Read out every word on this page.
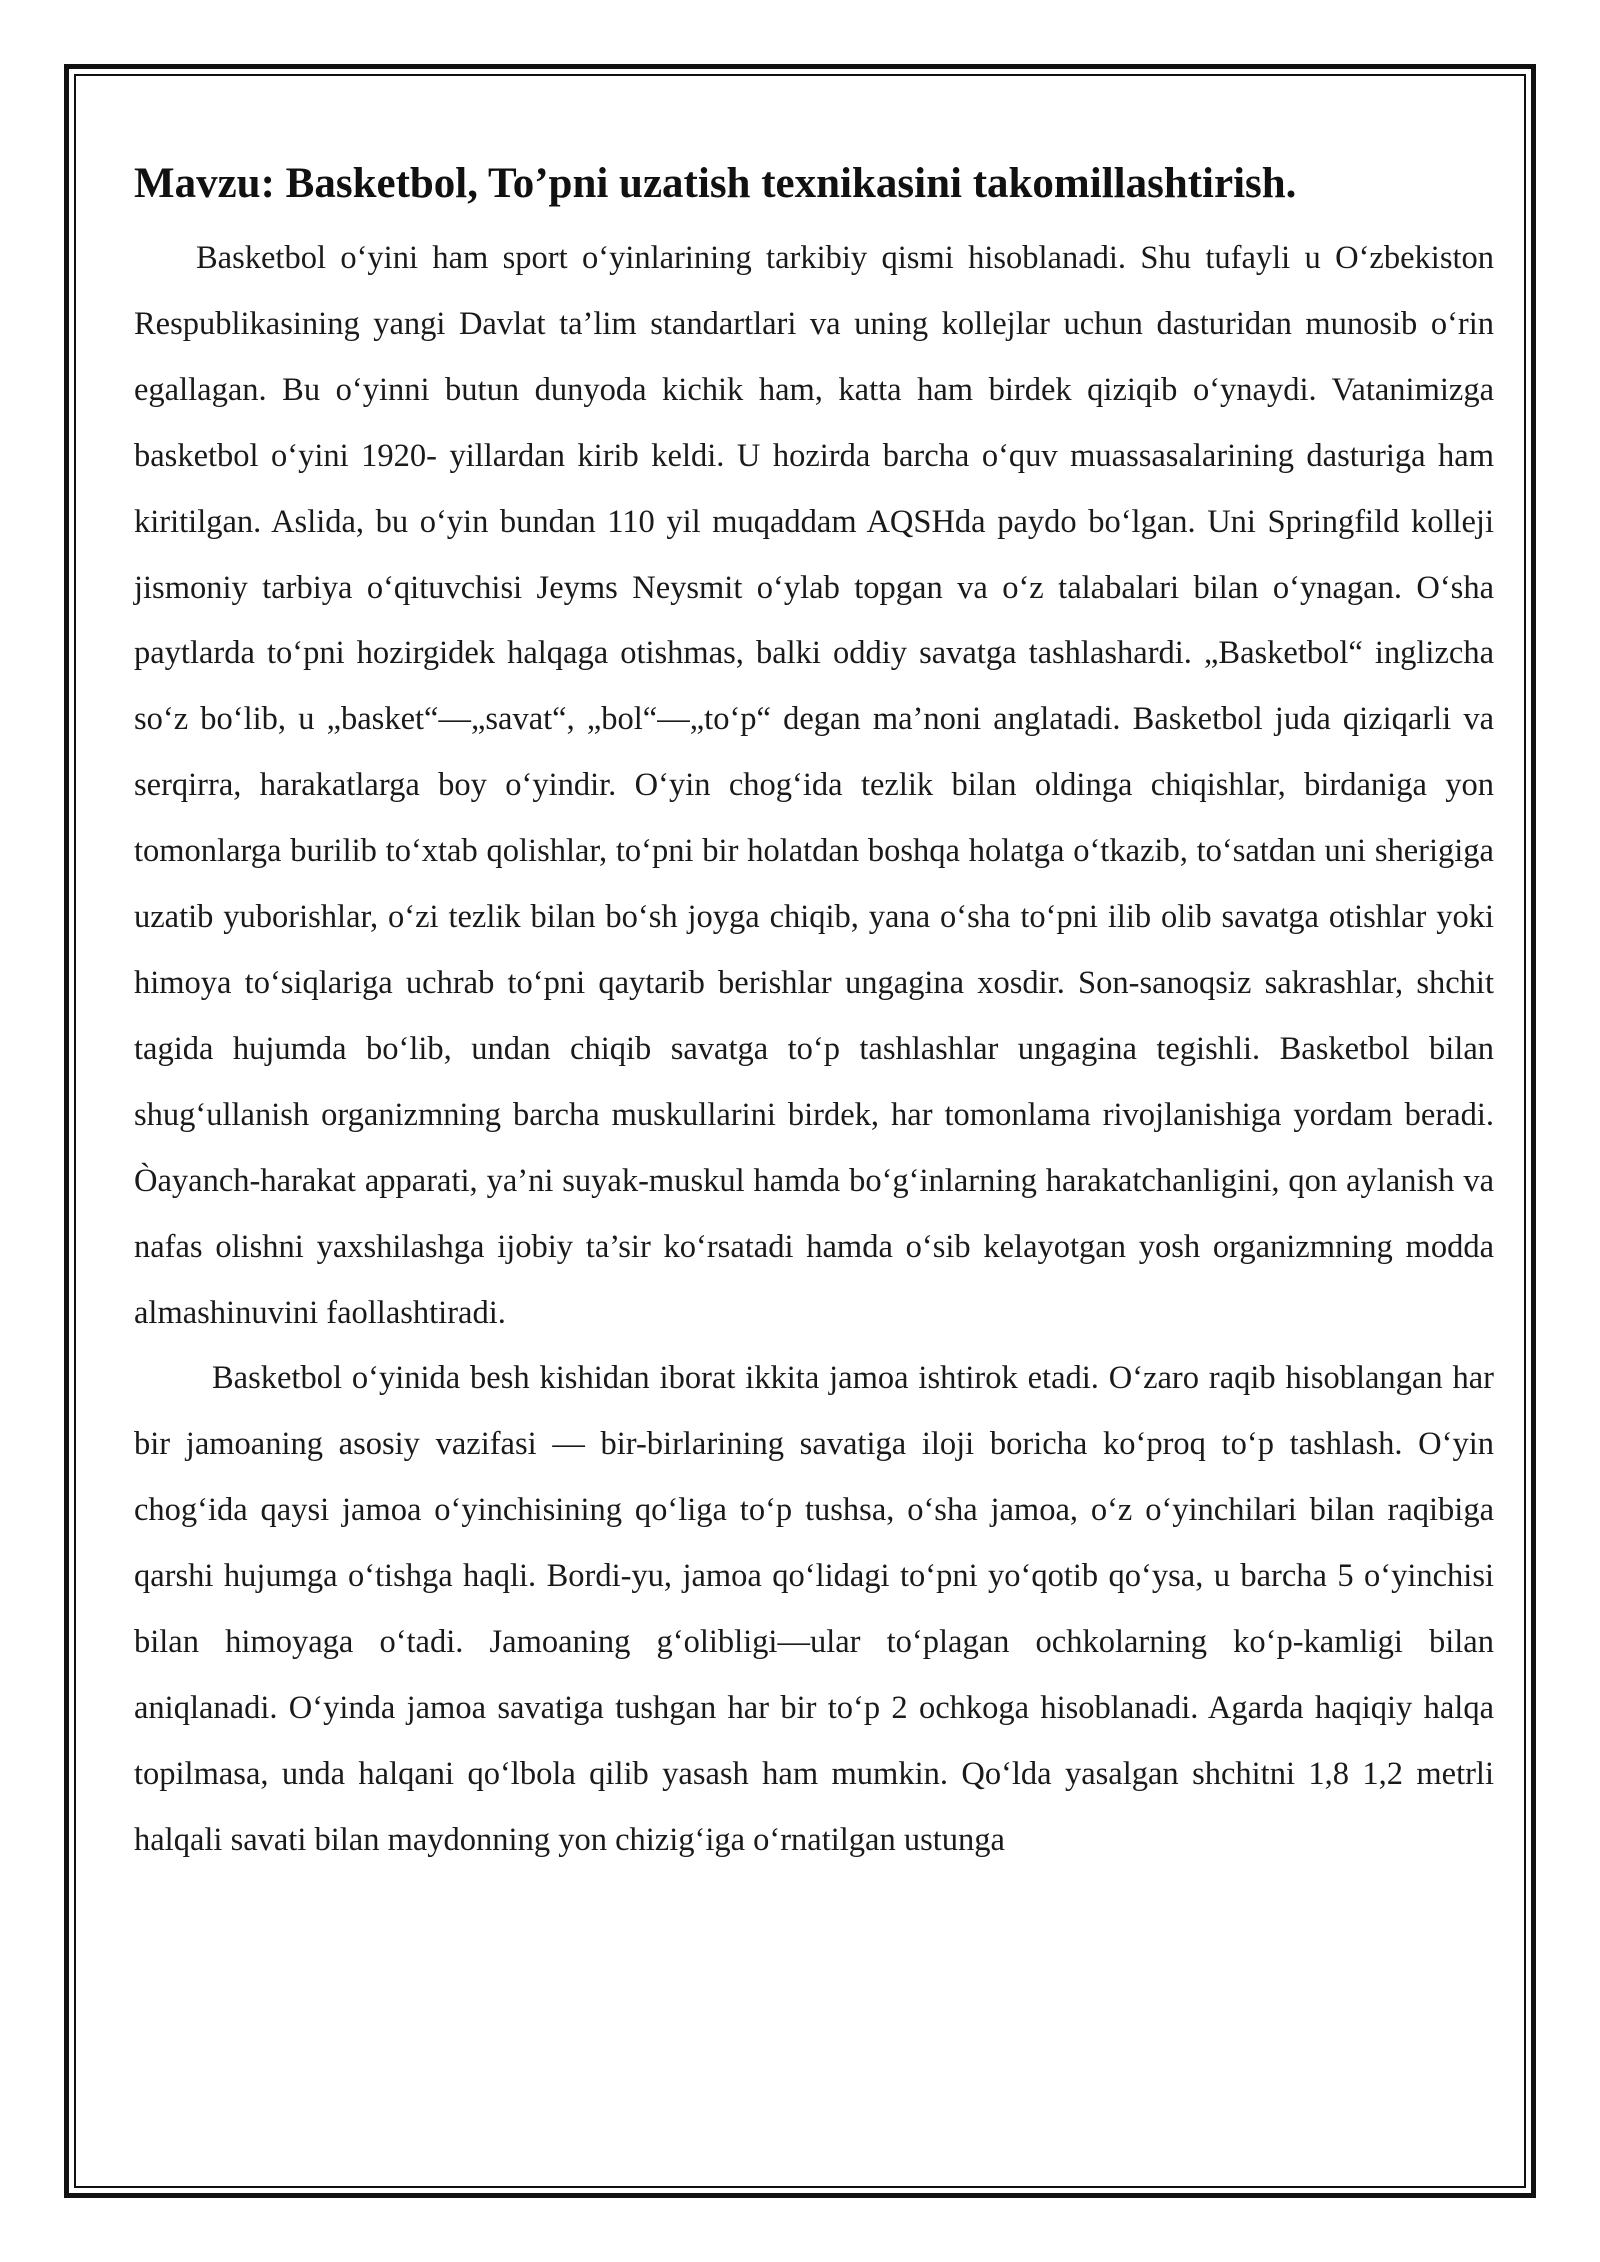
Mavzu: Basketbol, To’pni uzatish texnikasini takomillashtirish.

Basketbol o‘yini ham sport o‘yinlarining tarkibiy qismi hisoblanadi. Shu tufayli u O‘zbekiston Respublikasining yangi Davlat ta’lim standartlari va uning kollejlar uchun dasturidan munosib o‘rin egallagan. Bu o‘yinni butun dunyoda kichik ham, katta ham birdek qiziqib o‘ynaydi. Vatanimizga basketbol o‘yini 1920- yillardan kirib keldi. U hozirda barcha o‘quv muassasalarining dasturiga ham kiritilgan. Aslida, bu o‘yin bundan 110 yil muqaddam AQSHda paydo bo‘lgan. Uni Springfild kolleji jismoniy tarbiya o‘qituvchisi Jeyms Neysmit o‘ylab topgan va o‘z talabalari bilan o‘ynagan. O‘sha paytlarda to‘pni hozirgidek halqaga otishmas, balki oddiy savatga tashlashardi. „Basketbol“ inglizcha so‘z bo‘lib, u „basket“—„savat“, „bol“—„to‘p“ degan ma’noni anglatadi. Basketbol juda qiziqarli va serqirra, harakatlarga boy o‘yindir. O‘yin chog‘ida tezlik bilan oldinga chiqishlar, birdaniga yon tomonlarga burilib to‘xtab qolishlar, to‘pni bir holatdan boshqa holatga o‘tkazib, to‘satdan uni sherigiga uzatib yuborishlar, o‘zi tezlik bilan bo‘sh joyga chiqib, yana o‘sha to‘pni ilib olib savatga otishlar yoki himoya to‘siqlariga uchrab to‘pni qaytarib berishlar ungagina xosdir. Son-sanoqsiz sakrashlar, shchit tagida hujumda bo‘lib, undan chiqib savatga to‘p tashlashlar ungagina tegishli. Basketbol bilan shug‘ullanish organizmning barcha muskullarini birdek, har tomonlama rivojlanishiga yordam beradi. Òayanch-harakat apparati, ya’ni suyak-muskul hamda bo‘g‘inlarning harakatchanligini, qon aylanish va nafas olishni yaxshilashga ijobiy ta’sir ko‘rsatadi hamda o‘sib kelayotgan yosh organizmning modda almashinuvini faollashtiradi.

Basketbol o‘yinida besh kishidan iborat ikkita jamoa ishtirok etadi. O‘zaro raqib hisoblangan har bir jamoaning asosiy vazifasi — bir-birlarining savatiga iloji boricha ko‘proq to‘p tashlash. O‘yin chog‘ida qaysi jamoa o‘yinchisining qo‘liga to‘p tushsa, o‘sha jamoa, o‘z o‘yinchilari bilan raqibiga qarshi hujumga o‘tishga haqli. Bordi-yu, jamoa qo‘lidagi to‘pni yo‘qotib qo‘ysa, u barcha 5 o‘yinchisi bilan himoyaga o‘tadi. Jamoaning g‘olibligi—ular to‘plagan ochkolarning ko‘p-kamligi bilan aniqlanadi. O‘yinda jamoa savatiga tushgan har bir to‘p 2 ochkoga hisoblanadi. Agarda haqiqiy halqa topilmasa, unda halqani qo‘lbola qilib yasash ham mumkin. Qo‘lda yasalgan shchitni 1,8 1,2 metrli halqali savati bilan maydonning yon chizig‘iga o‘rnatilgan ustunga
